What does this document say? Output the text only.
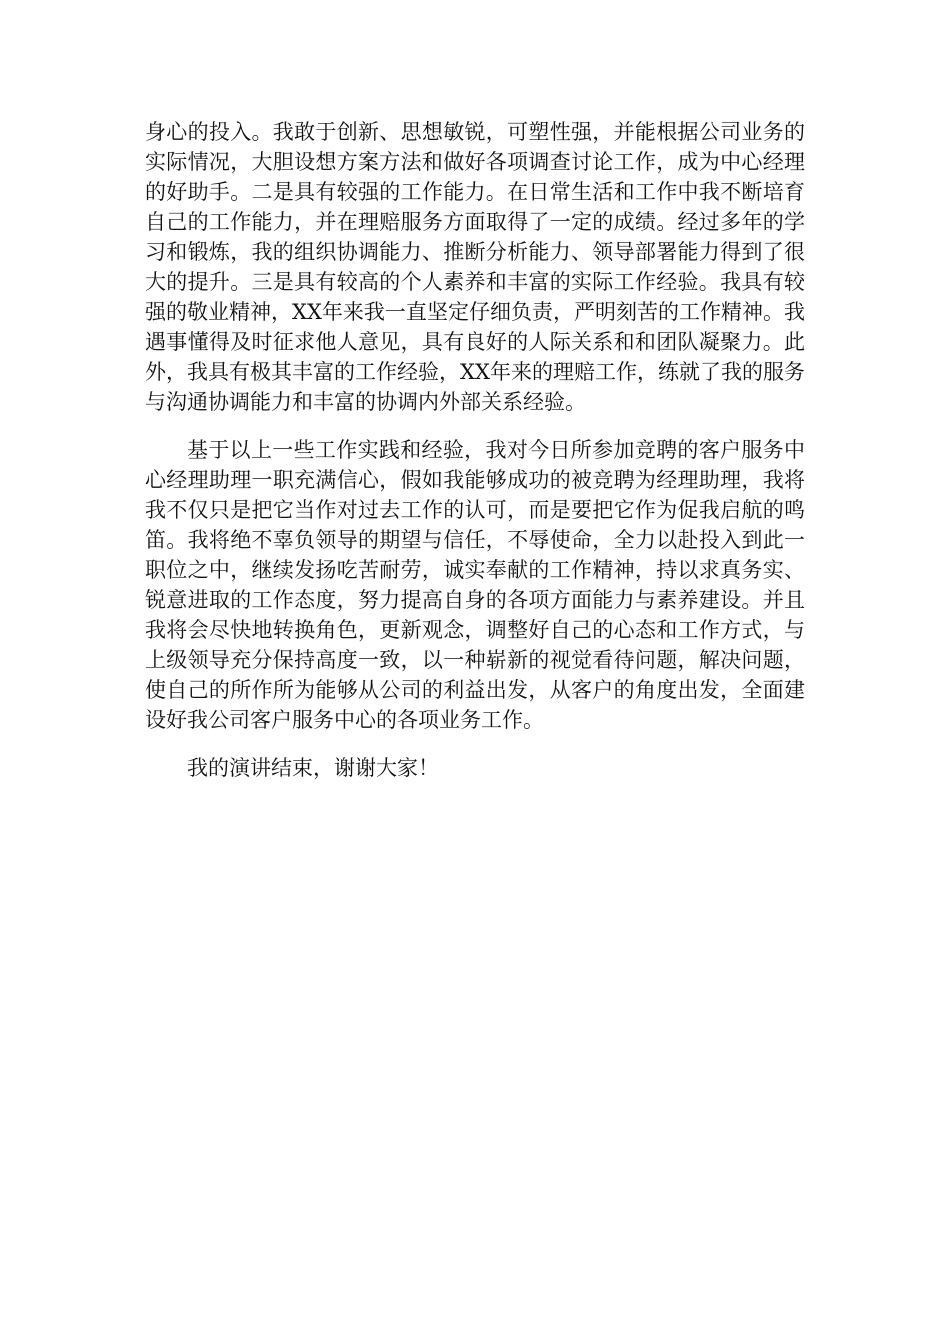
身心的投入。我敢于创新、思想敏锐，可塑性强，并能根据公司业务的实际情况，大胆设想方案方法和做好各项调查讨论工作，成为中心经理的好助手。二是具有较强的工作能力。在日常生活和工作中我不断培育自己的工作能力，并在理赔服务方面取得了一定的成绩。经过多年的学习和锻炼，我的组织协调能力、推断分析能力、领导部署能力得到了很大的提升。三是具有较高的个人素养和丰富的实际工作经验。我具有较强的敬业精神，XX年来我一直坚定仔细负责，严明刻苦的工作精神。我遇事懂得及时征求他人意见，具有良好的人际关系和和团队凝聚力。此外，我具有极其丰富的工作经验，XX年来的理赔工作，练就了我的服务与沟通协调能力和丰富的协调内外部关系经验。

基于以上一些工作实践和经验，我对今日所参加竞聘的客户服务中心经理助理一职充满信心，假如我能够成功的被竞聘为经理助理，我将我不仅只是把它当作对过去工作的认可，而是要把它作为促我启航的鸣笛。我将绝不辜负领导的期望与信任，不辱使命，全力以赴投入到此一职位之中，继续发扬吃苦耐劳，诚实奉献的工作精神，持以求真务实、锐意进取的工作态度，努力提高自身的各项方面能力与素养建设。并且我将会尽快地转换角色，更新观念，调整好自己的心态和工作方式，与上级领导充分保持高度一致，以一种崭新的视觉看待问题，解决问题，使自己的所作所为能够从公司的利益出发，从客户的角度出发，全面建设好我公司客户服务中心的各项业务工作。

我的演讲结束，谢谢大家！
